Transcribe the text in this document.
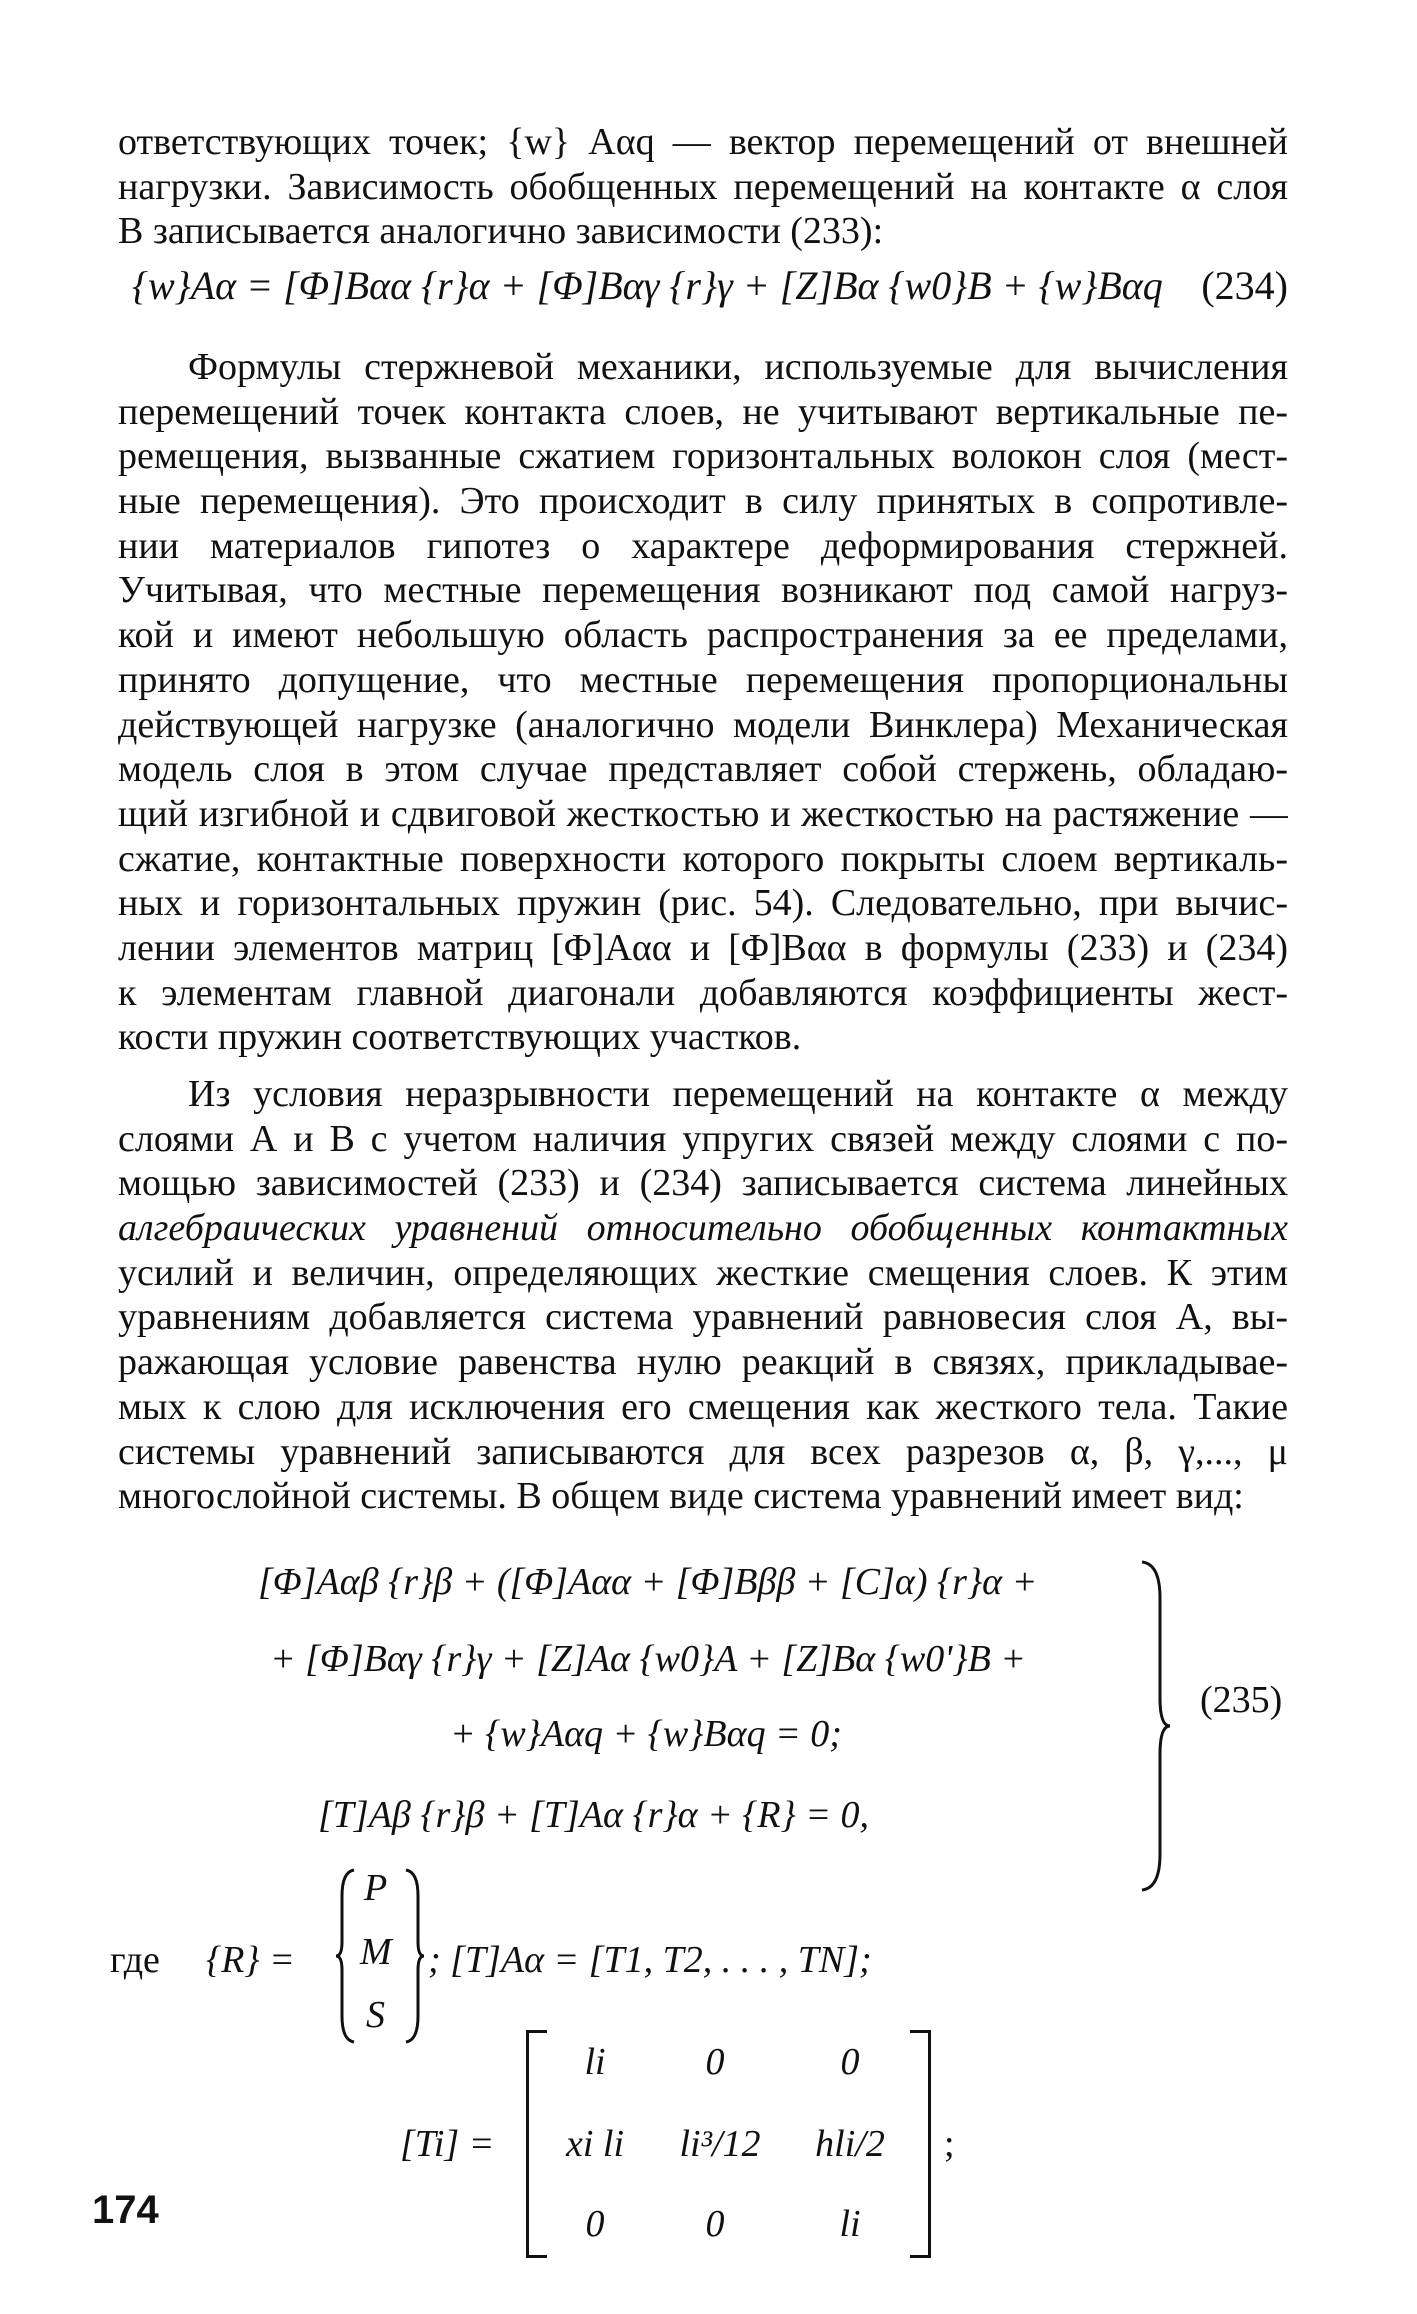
ответствующих точек; {w} Aαq — вектор перемещений от внешней
нагрузки. Зависимость обобщенных перемещений на контакте α слоя
В записывается аналогично зависимости (233):
{w}Aα = [Φ]Bαα {r}α + [Φ]Bαγ {r}γ + [Z]Bα {w0}B + {w}Bαq (234)
Формулы стержневой механики, используемые для вычисления
перемещений точек контакта слоев, не учитывают вертикальные пе-
ремещения, вызванные сжатием горизонтальных волокон слоя (мест-
ные перемещения). Это происходит в силу принятых в сопротивле-
нии материалов гипотез о характере деформирования стержней.
Учитывая, что местные перемещения возникают под самой нагруз-
кой и имеют небольшую область распространения за ее пределами,
принято допущение, что местные перемещения пропорциональны
действующей нагрузке (аналогично модели Винклера) Механическая
модель слоя в этом случае представляет собой стержень, обладаю-
щий изгибной и сдвиговой жесткостью и жесткостью на растяжение —
сжатие, контактные поверхности которого покрыты слоем вертикаль-
ных и горизонтальных пружин (рис. 54). Следовательно, при вычис-
лении элементов матриц [Φ]Aαα и [Φ]Bαα в формулы (233) и (234)
к элементам главной диагонали добавляются коэффициенты жест-
кости пружин соответствующих участков.
Из условия неразрывности перемещений на контакте α между
слоями А и В с учетом наличия упругих связей между слоями с по-
мощью зависимостей (233) и (234) записывается система линейных
алгебраических уравнений относительно обобщенных контактных
усилий и величин, определяющих жесткие смещения слоев. К этим
уравнениям добавляется система уравнений равновесия слоя А, вы-
ражающая условие равенства нулю реакций в связях, прикладывае-
мых к слою для исключения его смещения как жесткого тела. Такие
системы уравнений записываются для всех разрезов α, β, γ,..., μ
многослойной системы. В общем виде система уравнений имеет вид:
[Φ]Aαβ {r}β + ([Φ]Aαα + [Φ]Bββ + [C]α) {r}α +
+ [Φ]Bαγ {r}γ + [Z]Aα {w0}A + [Z]Bα {w0'}B +
+ {w}Aαq + {w}Bαq = 0;
[T]Aβ {r}β + [T]Aα {r}α + {R} = 0,
(235)
где {R} =
P
M
S
; [T]Aα = [T1, T2, . . . , TN];
[Ti] =
li	0	0
xi li	li³/12	hli/2
0	0	li
;
174
